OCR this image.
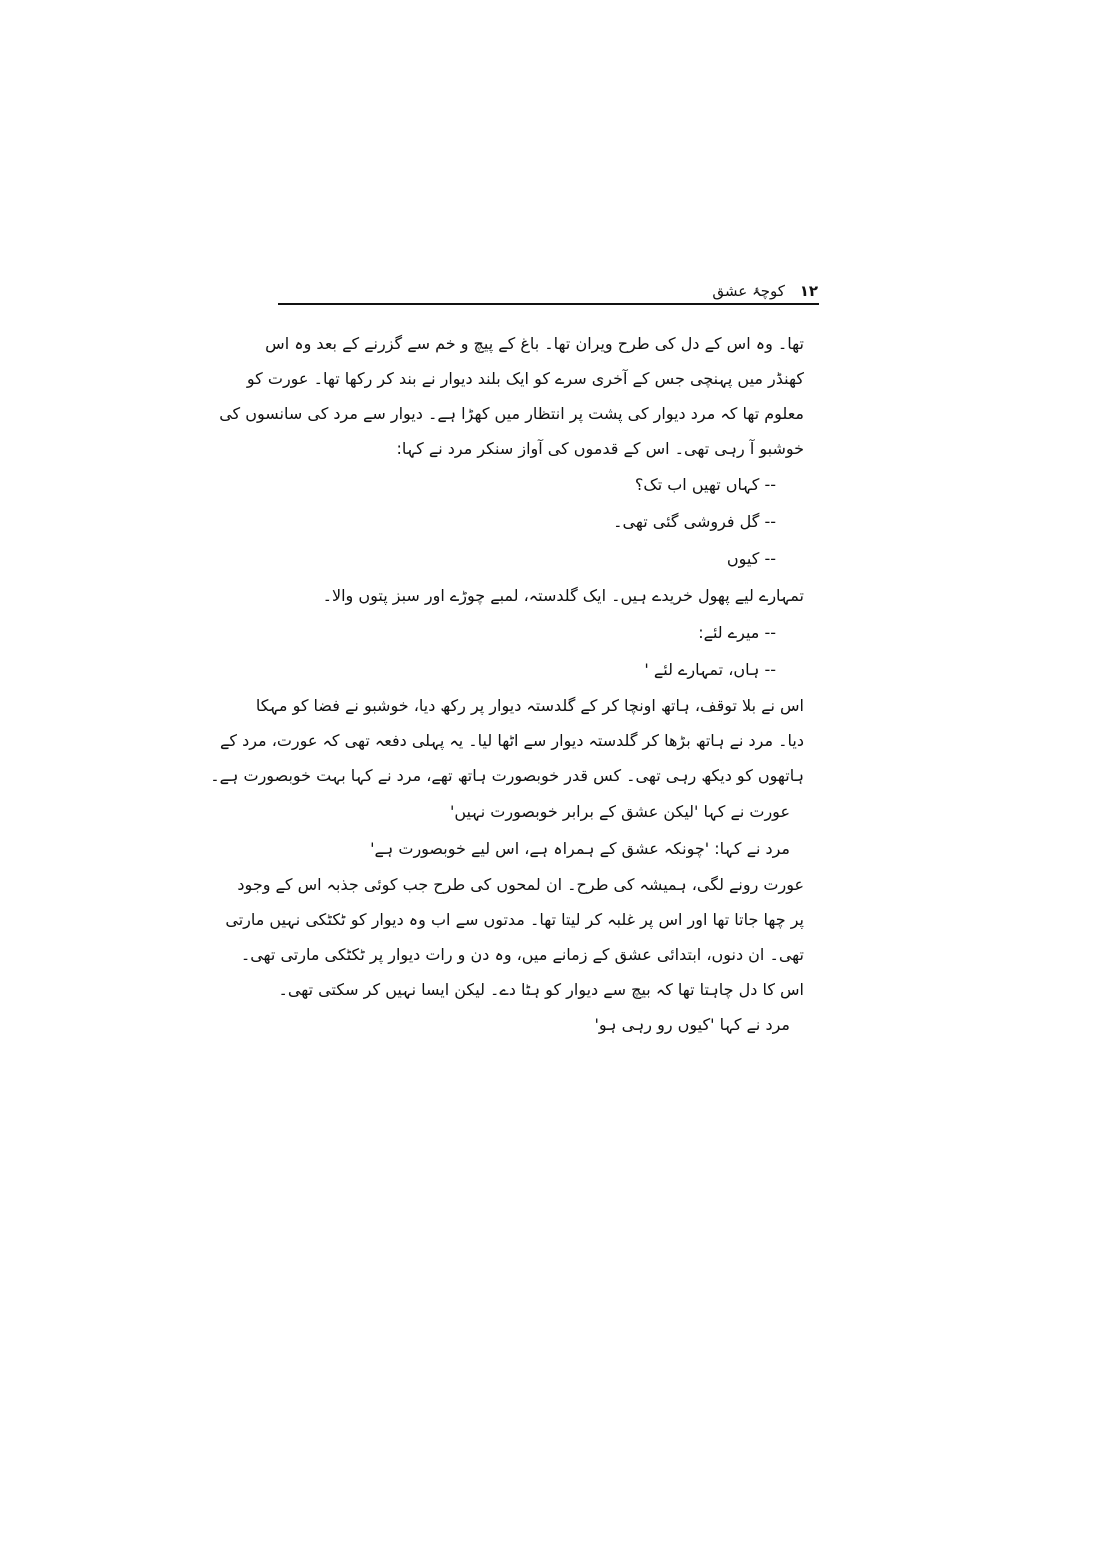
١٢ کوچۂ عشق
تھا۔ وہ اس کے دل کی طرح ویران تھا۔ باغ کے پیچ و خم سے گزرنے کے بعد وہ اس
کھنڈر میں پہنچی جس کے آخری سرے کو ایک بلند دیوار نے بند کر رکھا تھا۔ عورت کو
معلوم تھا کہ مرد دیوار کی پشت پر انتظار میں کھڑا ہے۔ دیوار سے مرد کی سانسوں کی
خوشبو آ رہی تھی۔ اس کے قدموں کی آواز سنکر مرد نے کہا:
-- کہاں تھیں اب تک؟
-- گل فروشی گئی تھی۔
-- کیوں
تمہارے لیے پھول خریدے ہیں۔ ایک گلدستہ، لمبے چوڑے اور سبز پتوں والا۔
-- میرے لئے:
-- ہاں، تمہارے لئے '
اس نے بلا توقف، ہاتھ اونچا کر کے گلدستہ دیوار پر رکھ دیا، خوشبو نے فضا کو مہکا
دیا۔ مرد نے ہاتھ بڑھا کر گلدستہ دیوار سے اٹھا لیا۔ یہ پہلی دفعہ تھی کہ عورت، مرد کے
ہاتھوں کو دیکھ رہی تھی۔ کس قدر خوبصورت ہاتھ تھے، مرد نے کہا بہت خوبصورت ہے۔
عورت نے کہا 'لیکن عشق کے برابر خوبصورت نہیں'
مرد نے کہا: 'چونکہ عشق کے ہمراہ ہے، اس لیے خوبصورت ہے'
عورت رونے لگی، ہمیشہ کی طرح۔ ان لمحوں کی طرح جب کوئی جذبہ اس کے وجود
پر چھا جاتا تھا اور اس پر غلبہ کر لیتا تھا۔ مدتوں سے اب وہ دیوار کو ٹکٹکی نہیں مارتی
تھی۔ ان دنوں، ابتدائی عشق کے زمانے میں، وہ دن و رات دیوار پر ٹکٹکی مارتی تھی۔
اس کا دل چاہتا تھا کہ بیچ سے دیوار کو ہٹا دے۔ لیکن ایسا نہیں کر سکتی تھی۔
مرد نے کہا 'کیوں رو رہی ہو'
